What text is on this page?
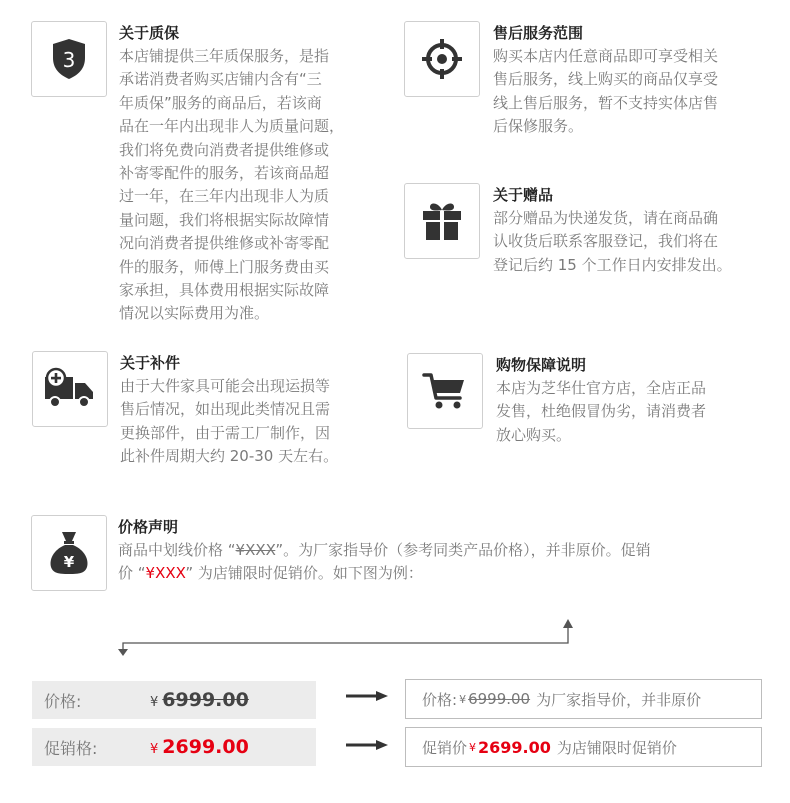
3
关于质保

本店铺提供三年质保服务，是指
承诺消费者购买店铺内含有“三
年质保”服务的商品后，若该商
品在一年内出现非人为质量问题，
我们将免费向消费者提供维修或
补寄零配件的服务，若该商品超
过一年，在三年内出现非人为质
量问题，我们将根据实际故障情
况向消费者提供维修或补寄零配
件的服务，师傅上门服务费由买
家承担，具体费用根据实际故障
情况以实际费用为准。

售后服务范围

购买本店内任意商品即可享受相关
售后服务，线上购买的商品仅享受
线上售后服务，暂不支持实体店售
后保修服务。

关于赠品

部分赠品为快递发货，请在商品确
认收货后联系客服登记，我们将在
登记后约 15 个工作日内安排发出。

关于补件

由于大件家具可能会出现运损等
售后情况，如出现此类情况且需
更换部件，由于需工厂制作，因
此补件周期大约 20-30 天左右。

购物保障说明

本店为芝华仕官方店，全店正品
发售，杜绝假冒伪劣，请消费者
放心购买。

¥
价格声明

商品中划线价格 “¥XXX”。为厂家指导价（参考同类产品价格），并非原价。促销
价 “¥XXX” 为店铺限时促销价。如下图为例：

价格:	¥ 6999.00	价格: ¥ 6999.00 为厂家指导价，并非原价
促销格:	¥ 2699.00	促销价 ¥ 2699.00 为店铺限时促销价
